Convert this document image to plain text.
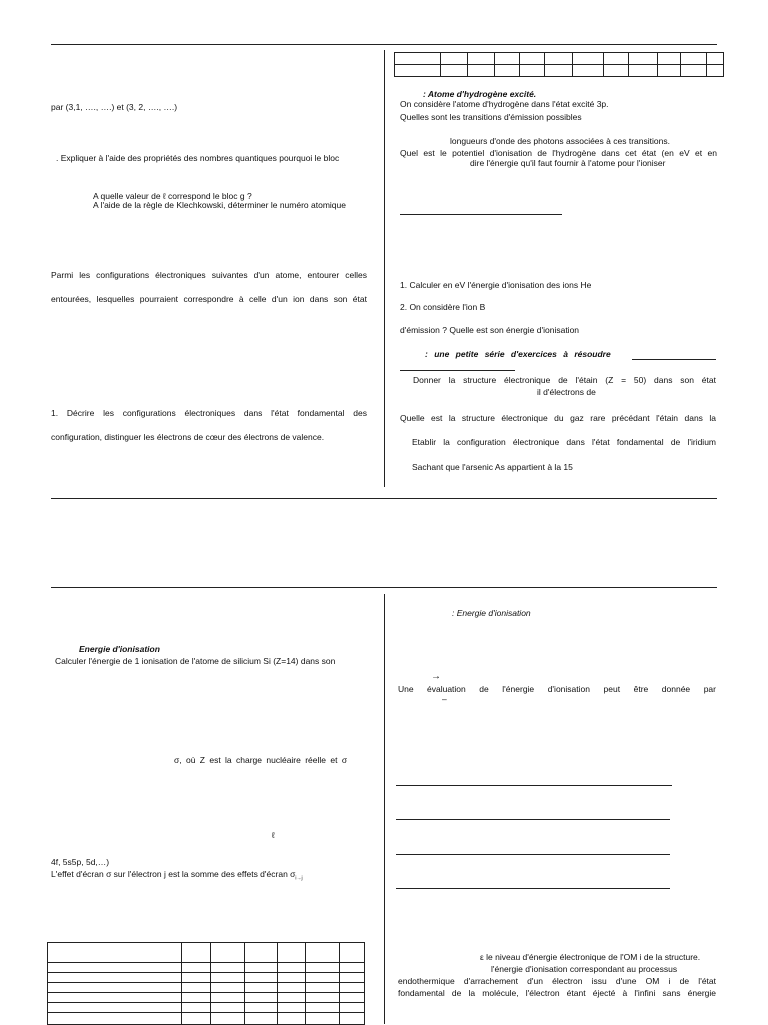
par (3,1, …., ….) et (3, 2, …., ….)
. Expliquer à l'aide des propriétés des nombres quantiques pourquoi le bloc
A quelle valeur de ℓ correspond le bloc g ?
A l'aide de la règle de Klechkowski, déterminer le numéro atomique
Parmi les configurations électroniques suivantes d'un atome, entourer celles
entourées, lesquelles pourraient correspondre à celle d'un ion dans son état
1. Décrire les configurations électroniques dans l'état fondamental des
configuration, distinguer les électrons de cœur des électrons de valence.

: Atome d'hydrogène excité.
On considère l'atome d'hydrogène dans l'état excité 3p.
Quelles sont les transitions d'émission possibles
longueurs d'onde des photons associées à ces transitions.
Quel est le potentiel d'ionisation de l'hydrogène dans cet état (en eV et en
dire l'énergie qu'il faut fournir à l'atome pour l'ioniser
1. Calculer en eV l'énergie d'ionisation des ions He
2. On considère l'ion B
d'émission ? Quelle est son énergie d'ionisation
: une petite série d'exercices à résoudre
Donner la structure électronique de l'étain (Z = 50) dans son état
il d'électrons de
Quelle est la structure électronique du gaz rare précédant l'étain dans la
Etablir la configuration électronique dans l'état fondamental de l'iridium
Sachant que l'arsenic As appartient à la 15
Energie d'ionisation
Calculer l'énergie de 1 ionisation de l'atome de silicium Si (Z=14) dans son
σ, où Z est la charge nucléaire réelle et σ
ℓ
4f, 5s5p, 5d,…)
L'effet d'écran σ sur l'électron j est la somme des effets d'écran $\sigma_{i\to j}$

: Energie d'ionisation
→
Une évaluation de l'énergie d'ionisation peut être donnée par
–
ε le niveau d'énergie électronique de l'OM i de la structure.
l'énergie d'ionisation correspondant au processus
endothermique d'arrachement d'un électron issu d'une OM i de l'état
fondamental de la molécule, l'électron étant éjecté à l'infini sans énergie
